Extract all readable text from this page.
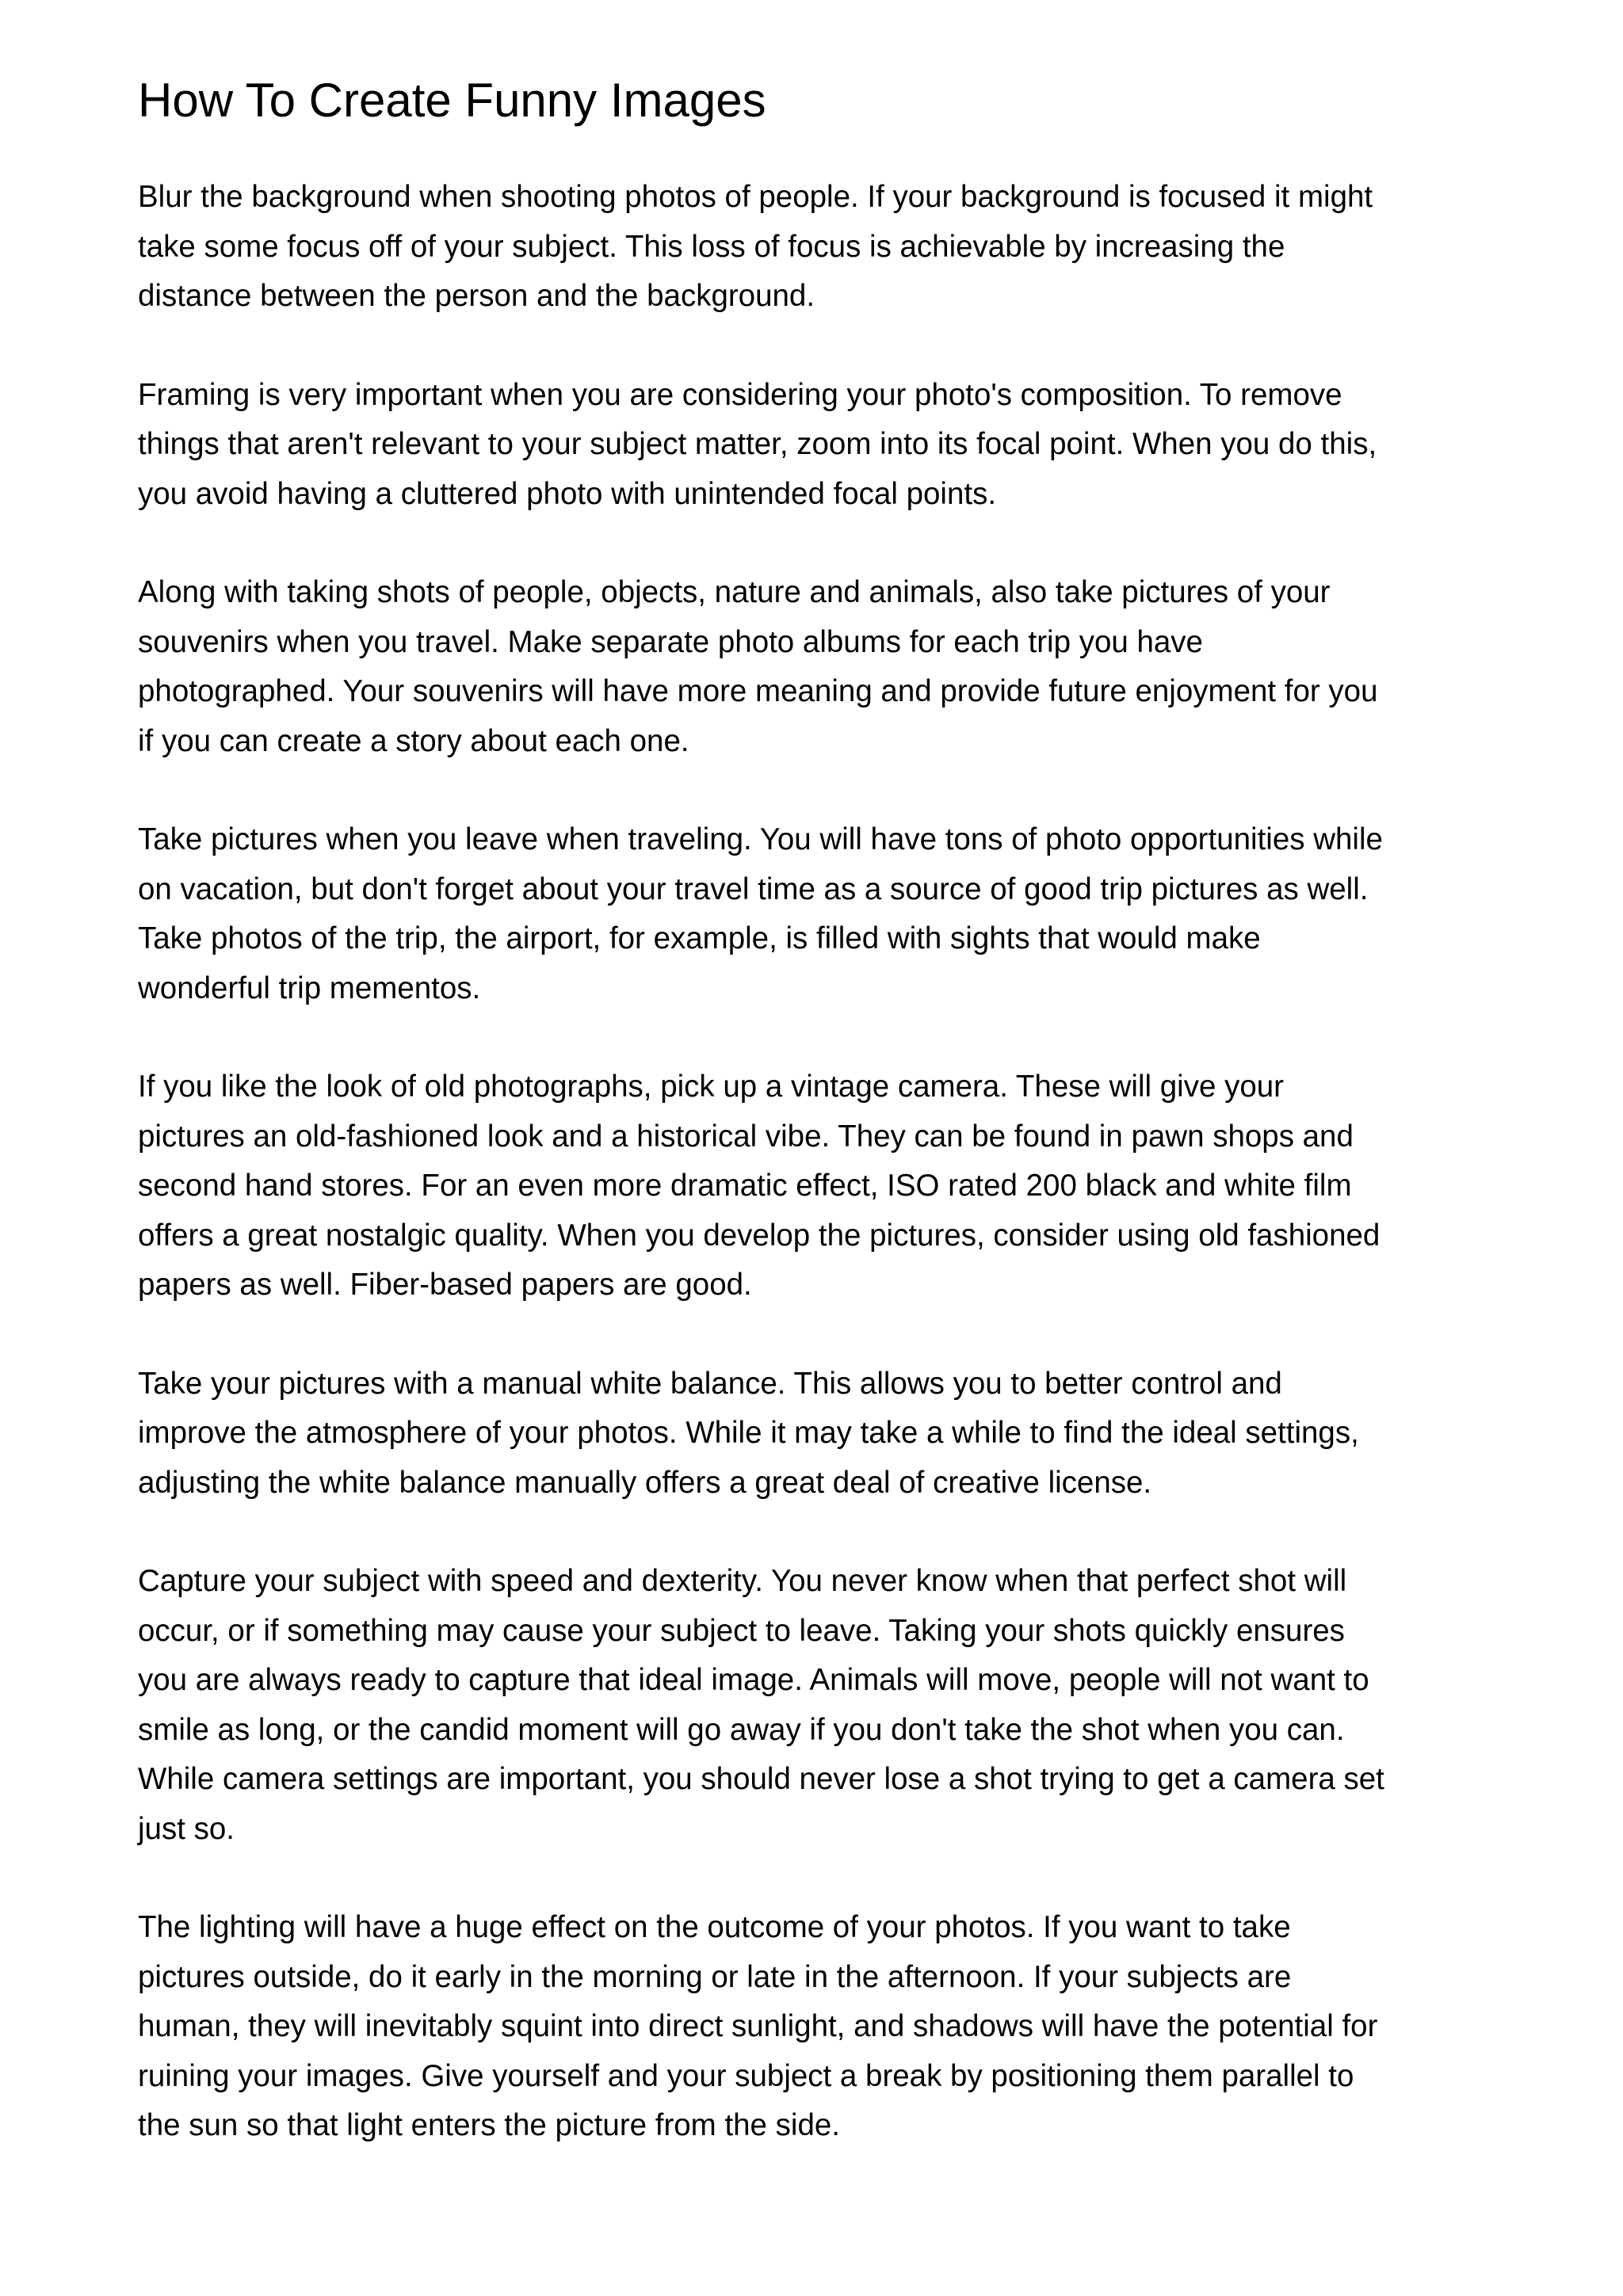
How To Create Funny Images

Blur the background when shooting photos of people. If your background is focused it might
take some focus off of your subject. This loss of focus is achievable by increasing the
distance between the person and the background.

Framing is very important when you are considering your photo's composition. To remove
things that aren't relevant to your subject matter, zoom into its focal point. When you do this,
you avoid having a cluttered photo with unintended focal points.

Along with taking shots of people, objects, nature and animals, also take pictures of your
souvenirs when you travel. Make separate photo albums for each trip you have
photographed. Your souvenirs will have more meaning and provide future enjoyment for you
if you can create a story about each one.

Take pictures when you leave when traveling. You will have tons of photo opportunities while
on vacation, but don't forget about your travel time as a source of good trip pictures as well.
Take photos of the trip, the airport, for example, is filled with sights that would make
wonderful trip mementos.

If you like the look of old photographs, pick up a vintage camera. These will give your
pictures an old-fashioned look and a historical vibe. They can be found in pawn shops and
second hand stores. For an even more dramatic effect, ISO rated 200 black and white film
offers a great nostalgic quality. When you develop the pictures, consider using old fashioned
papers as well. Fiber-based papers are good.

Take your pictures with a manual white balance. This allows you to better control and
improve the atmosphere of your photos. While it may take a while to find the ideal settings,
adjusting the white balance manually offers a great deal of creative license.

Capture your subject with speed and dexterity. You never know when that perfect shot will
occur, or if something may cause your subject to leave. Taking your shots quickly ensures
you are always ready to capture that ideal image. Animals will move, people will not want to
smile as long, or the candid moment will go away if you don't take the shot when you can.
While camera settings are important, you should never lose a shot trying to get a camera set
just so.

The lighting will have a huge effect on the outcome of your photos. If you want to take
pictures outside, do it early in the morning or late in the afternoon. If your subjects are
human, they will inevitably squint into direct sunlight, and shadows will have the potential for
ruining your images. Give yourself and your subject a break by positioning them parallel to
the sun so that light enters the picture from the side.
